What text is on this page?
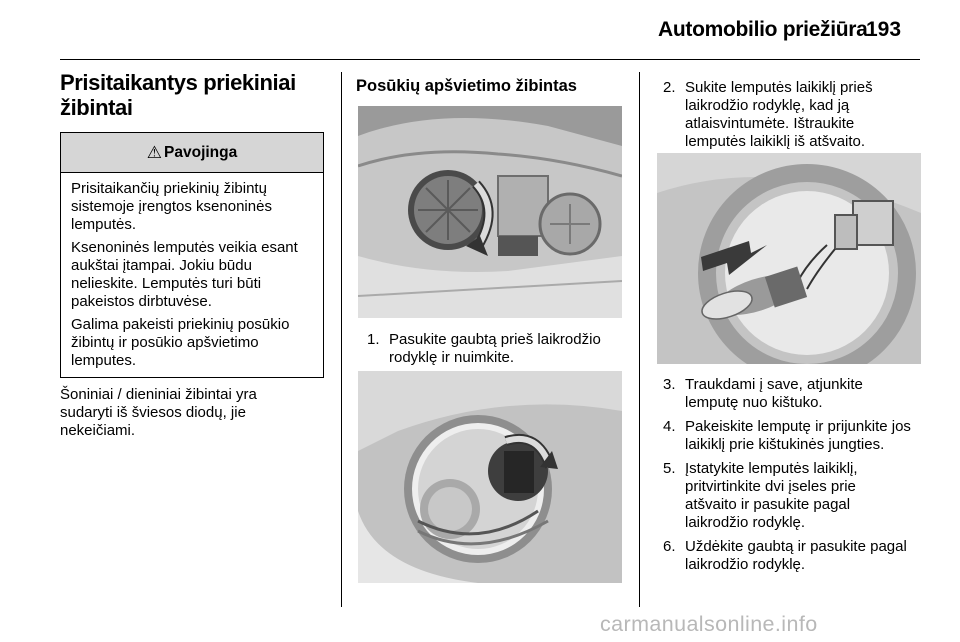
Automobilio priežiūra
193
Prisitaikantys priekiniai
žibintai
⚠ Pavojinga

Prisitaikančių priekinių žibintų
sistemoje įrengtos ksenoninės
lemputės.

Ksenoninės lemputės veikia esant
aukštai įtampai. Jokiu būdu
nelieskite. Lemputės turi būti
pakeistos dirbtuvėse.

Galima pakeisti priekinių posūkio
žibintų ir posūkio apšvietimo
lemputes.

Šoniniai / dieniniai žibintai yra
sudaryti iš šviesos diodų, jie
nekeičiami.
Posūkių apšvietimo žibintas
1. Pasukite gaubtą prieš laikrodžio
rodyklę ir nuimkite.
2. Sukite lemputės laikiklį prieš
laikrodžio rodyklę, kad ją
atlaisvintumėte. Ištraukite
lemputės laikiklį iš atšvaito.
3. Traukdami į save, atjunkite
lemputę nuo kištuko.
4. Pakeiskite lemputę ir prijunkite jos
laikiklį prie kištukinės jungties.
5. Įstatykite lemputės laikiklį,
pritvirtinkite dvi įseles prie
atšvaito ir pasukite pagal
laikrodžio rodyklę.
6. Uždėkite gaubtą ir pasukite pagal
laikrodžio rodyklę.
carmanualsonline.info
